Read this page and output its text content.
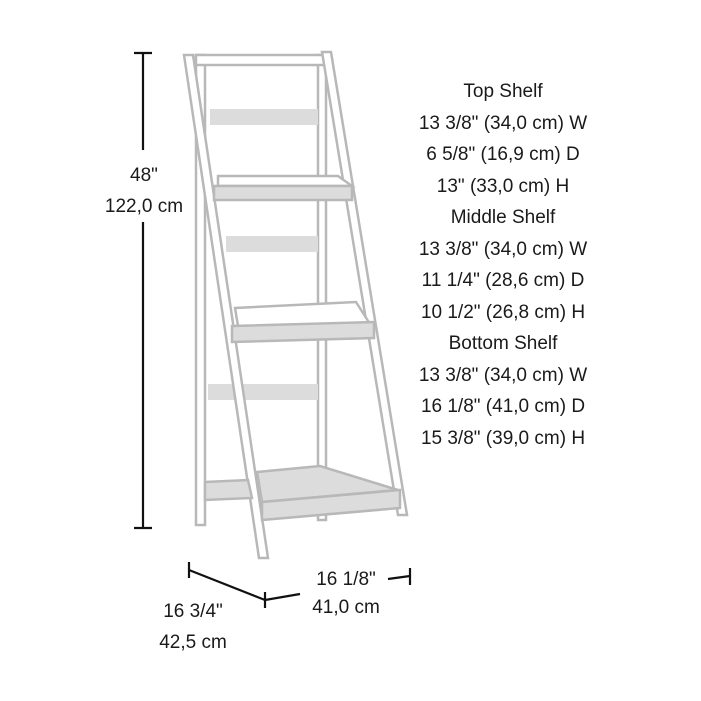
48"
122,0 cm
16 3/4"
42,5 cm
16 1/8"
41,0 cm
Top Shelf
13 3/8" (34,0 cm) W
6 5/8" (16,9 cm) D
13" (33,0 cm) H
Middle Shelf
13 3/8" (34,0 cm) W
11 1/4" (28,6 cm) D
10 1/2" (26,8 cm) H
Bottom Shelf
13 3/8" (34,0 cm) W
16 1/8" (41,0 cm) D
15 3/8" (39,0 cm) H
